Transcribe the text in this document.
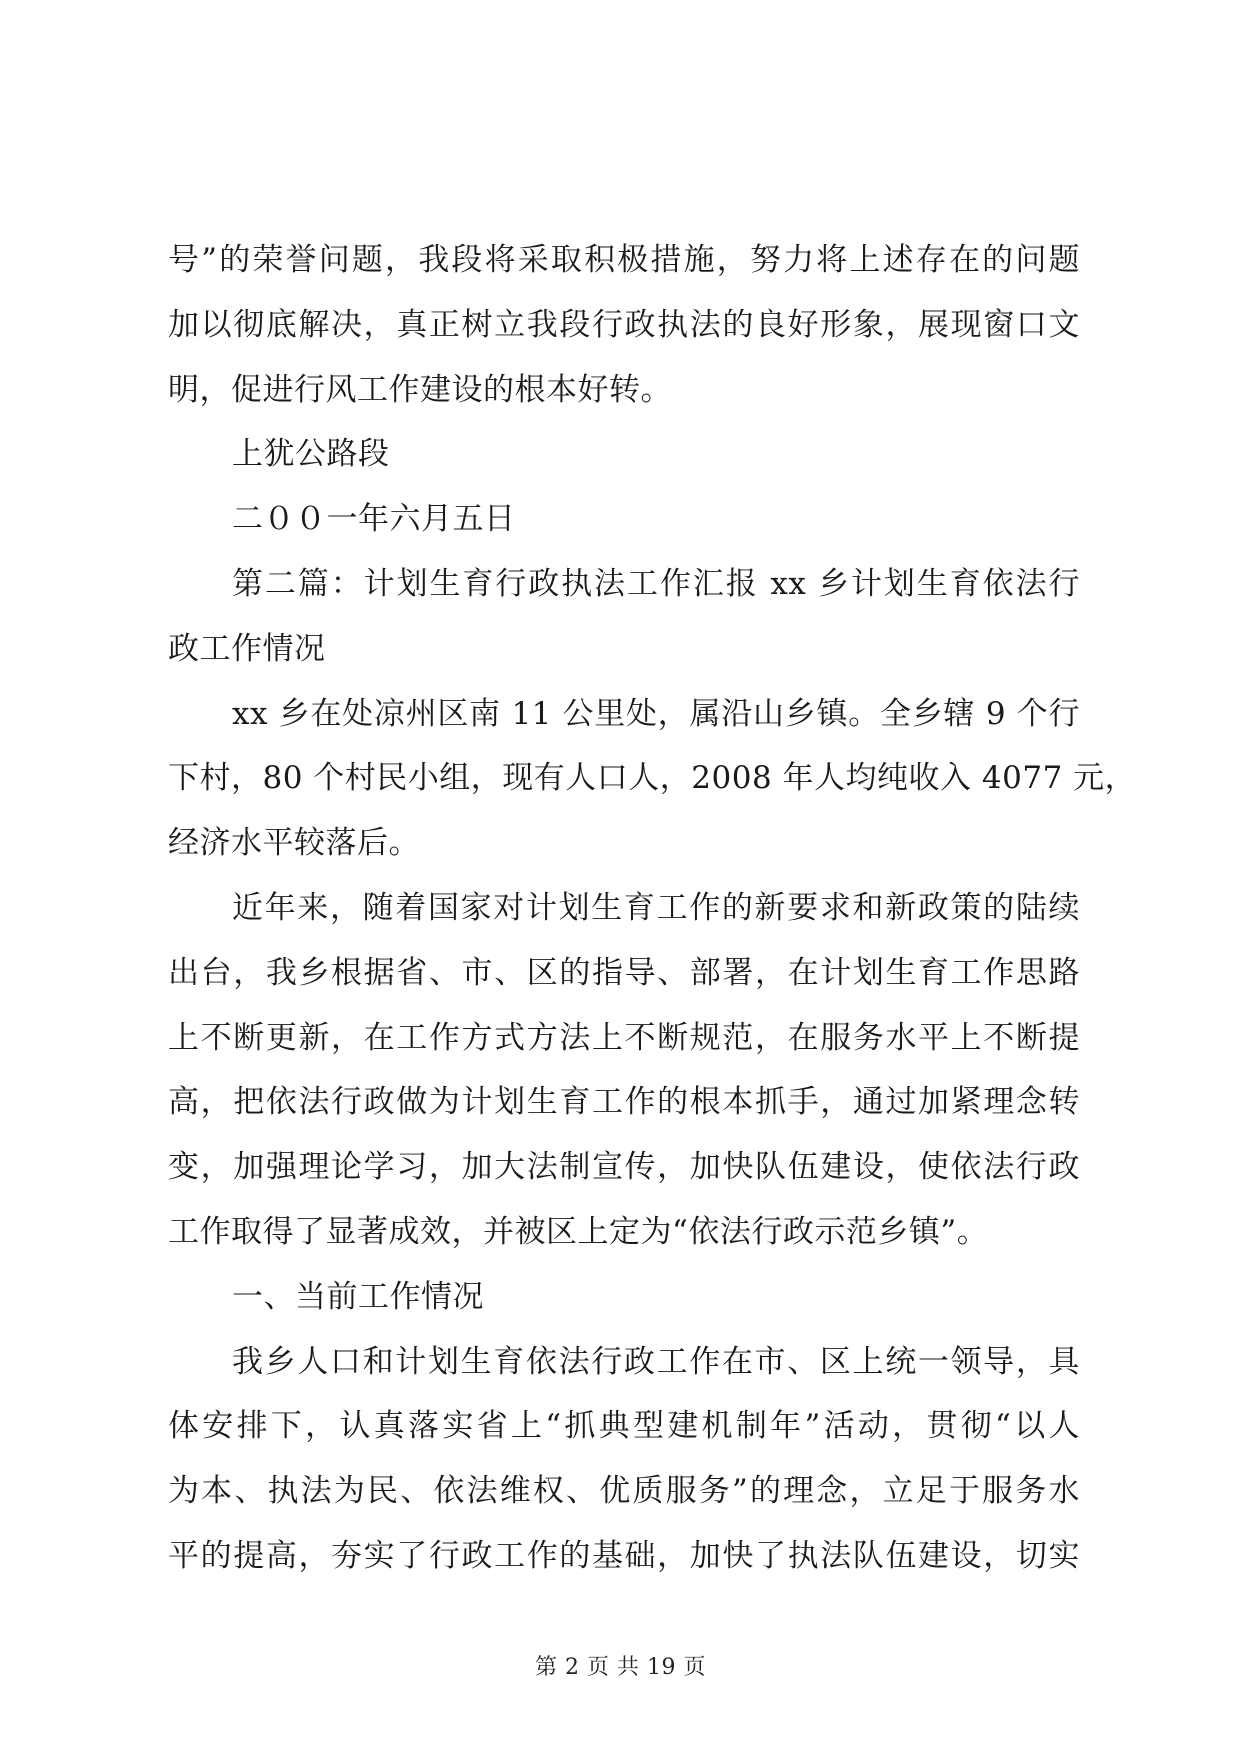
号”的荣誉问题，我段将采取积极措施，努力将上述存在的问题

加以彻底解决，真正树立我段行政执法的良好形象，展现窗口文

明，促进行风工作建设的根本好转。

上犹公路段

二００一年六月五日

第二篇：计划生育行政执法工作汇报 xx 乡计划生育依法行

政工作情况

xx 乡在处凉州区南 11 公里处，属沿山乡镇。全乡辖 9 个行

下村，80 个村民小组，现有人口人，2008 年人均纯收入 4077 元，

经济水平较落后。

近年来，随着国家对计划生育工作的新要求和新政策的陆续

出台，我乡根据省、市、区的指导、部署，在计划生育工作思路

上不断更新，在工作方式方法上不断规范，在服务水平上不断提

高，把依法行政做为计划生育工作的根本抓手，通过加紧理念转

变，加强理论学习，加大法制宣传，加快队伍建设，使依法行政

工作取得了显著成效，并被区上定为“依法行政示范乡镇”。

一、当前工作情况

我乡人口和计划生育依法行政工作在市、区上统一领导，具

体安排下，认真落实省上“抓典型建机制年”活动，贯彻“以人

为本、执法为民、依法维权、优质服务”的理念，立足于服务水

平的提高，夯实了行政工作的基础，加快了执法队伍建设，切实

第 2 页 共 19 页
